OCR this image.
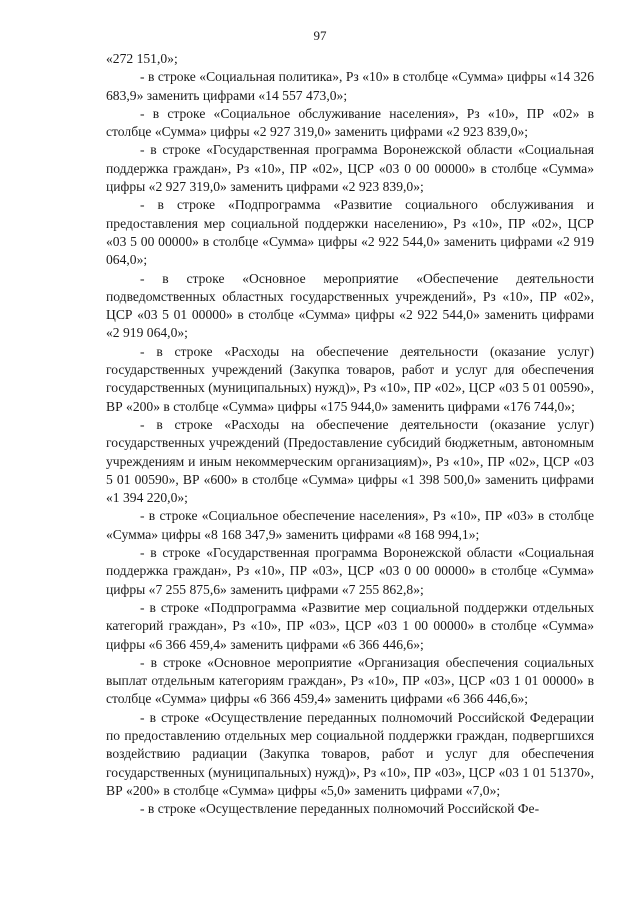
97

«272 151,0»;

- в строке «Социальная политика», Рз «10» в столбце «Сумма» цифры «14 326 683,9» заменить цифрами «14 557 473,0»;

- в строке «Социальное обслуживание населения», Рз «10», ПР «02» в столбце «Сумма» цифры «2 927 319,0» заменить цифрами «2 923 839,0»;

- в строке «Государственная программа Воронежской области «Социальная поддержка граждан», Рз «10», ПР «02», ЦСР «03 0 00 00000» в столбце «Сумма» цифры «2 927 319,0» заменить цифрами «2 923 839,0»;

- в строке «Подпрограмма «Развитие социального обслуживания и предоставления мер социальной поддержки населению», Рз «10», ПР «02», ЦСР «03 5 00 00000» в столбце «Сумма» цифры «2 922 544,0» заменить цифрами «2 919 064,0»;

- в строке «Основное мероприятие «Обеспечение деятельности подведомственных областных государственных учреждений», Рз «10», ПР «02», ЦСР «03 5 01 00000» в столбце «Сумма» цифры «2 922 544,0» заменить цифрами «2 919 064,0»;

- в строке «Расходы на обеспечение деятельности (оказание услуг) государственных учреждений (Закупка товаров, работ и услуг для обеспечения государственных (муниципальных) нужд)», Рз «10», ПР «02», ЦСР «03 5 01 00590», ВР «200» в столбце «Сумма» цифры «175 944,0» заменить цифрами «176 744,0»;

- в строке «Расходы на обеспечение деятельности (оказание услуг) государственных учреждений (Предоставление субсидий бюджетным, автономным учреждениям и иным некоммерческим организациям)», Рз «10», ПР «02», ЦСР «03 5 01 00590», ВР «600» в столбце «Сумма» цифры «1 398 500,0» заменить цифрами «1 394 220,0»;

- в строке «Социальное обеспечение населения», Рз «10», ПР «03» в столбце «Сумма» цифры «8 168 347,9» заменить цифрами «8 168 994,1»;

- в строке «Государственная программа Воронежской области «Социальная поддержка граждан», Рз «10», ПР «03», ЦСР «03 0 00 00000» в столбце «Сумма» цифры «7 255 875,6» заменить цифрами «7 255 862,8»;

- в строке «Подпрограмма «Развитие мер социальной поддержки отдельных категорий граждан», Рз «10», ПР «03», ЦСР «03 1 00 00000» в столбце «Сумма» цифры «6 366 459,4» заменить цифрами «6 366 446,6»;

- в строке «Основное мероприятие «Организация обеспечения социальных выплат отдельным категориям граждан», Рз «10», ПР «03», ЦСР «03 1 01 00000» в столбце «Сумма» цифры «6 366 459,4» заменить цифрами «6 366 446,6»;

- в строке «Осуществление переданных полномочий Российской Федерации по предоставлению отдельных мер социальной поддержки граждан, подвергшихся воздействию радиации (Закупка товаров, работ и услуг для обеспечения государственных (муниципальных) нужд)», Рз «10», ПР «03», ЦСР «03 1 01 51370», ВР «200» в столбце «Сумма» цифры «5,0» заменить цифрами «7,0»;

- в строке «Осуществление переданных полномочий Российской Фе-
